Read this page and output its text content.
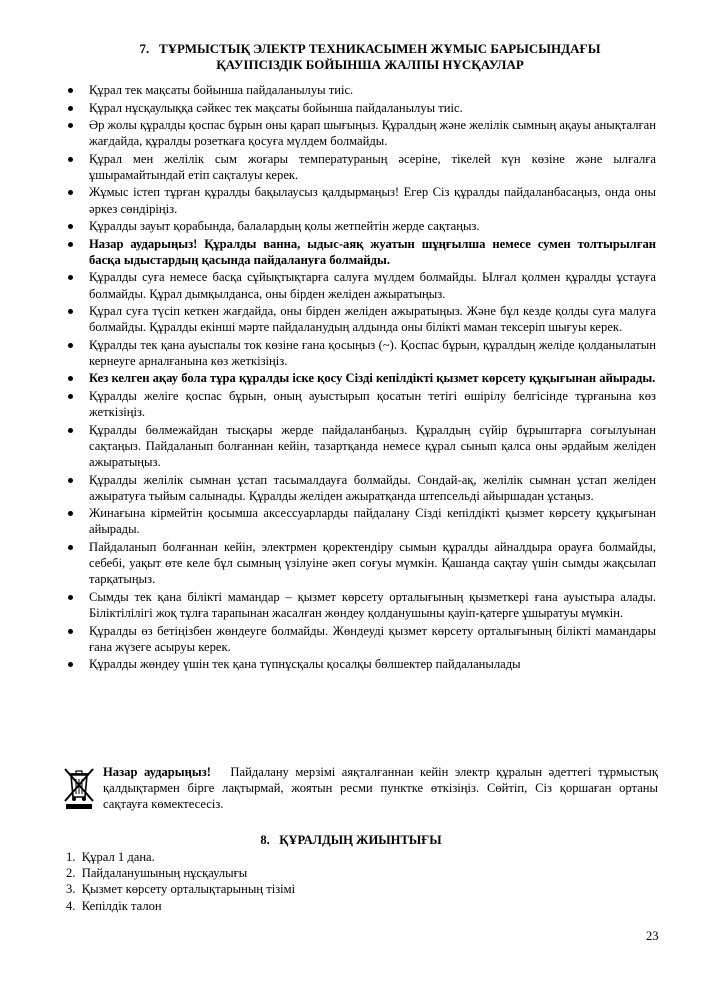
7. ТҰРМЫСТЫҚ ЭЛЕКТР ТЕХНИКАСЫМЕН ЖҰМЫС БАРЫСЫНДАҒЫ
ҚАУІПСІЗДІК БОЙЫНША ЖАЛПЫ НҰСҚАУЛАР
Құрал тек мақсаты бойынша пайдаланылуы тиіс.
Құрал нұсқаулыққа сәйкес тек мақсаты бойынша пайдаланылуы тиіс.
Әр жолы құралды қоспас бұрын оны қарап шығыңыз. Құралдың және желілік сымның ақауы анықталған жағдайда, құралды розеткаға қосуға мүлдем болмайды.
Құрал мен желілік сым жоғары температураның әсеріне, тікелей күн көзіне және ылғалға ұшырамайтындай етіп сақталуы керек.
Жұмыс істеп тұрған құралды бақылаусыз қалдырмаңыз! Егер Сіз құралды пайдаланбасаңыз, онда оны әркез сөндіріңіз.
Құралды зауыт қорабында, балалардың қолы жетпейтін жерде сақтаңыз.
Назар аударыңыз! Құралды ванна, ыдыс-аяқ жуатын шұңғылша немесе сумен толтырылған басқа ыдыстардың қасында пайдалануға болмайды.
Құралды суға немесе басқа сұйықтықтарға салуға мүлдем болмайды. Ылғал қолмен құралды ұстауға болмайды. Құрал дымқылданса, оны бірден желіден ажыратыңыз.
Құрал суға түсіп кеткен жағдайда, оны бірден желіден ажыратыңыз. Және бұл кезде қолды суға малуға болмайды. Құралды екінші мәрте пайдаланудың алдында оны білікті маман тексеріп шығуы керек.
Құралды тек қана ауыспалы ток көзіне ғана қосыңыз (~). Қоспас бұрын, құралдың желіде қолданылатын кернеуге арналғанына көз жеткізіңіз.
Кез келген ақау бола тұра құралды іске қосу Сізді кепілдікті қызмет көрсету құқығынан айырады.
Құралды желіге қоспас бұрын, оның ауыстырып қосатын тетігі өшірілу белгісінде тұрғанына көз жеткізіңіз.
Құралды бөлмежайдан тысқары жерде пайдаланбаңыз. Құралдың сүйір бұрыштарға соғылуынан сақтаңыз. Пайдаланып болғаннан кейін, тазартқанда немесе құрал сынып қалса оны әрдайым желіден ажыратыңыз.
Құралды желілік сымнан ұстап тасымалдауға болмайды. Сондай-ақ, желілік сымнан ұстап желіден ажыратуға тыйым салынады. Құралды желіден ажыратқанда штепсельді айыршадан ұстаңыз.
Жинағына кірмейтін қосымша аксессуарларды пайдалану Сізді кепілдікті қызмет көрсету құқығынан айырады.
Пайдаланып болғаннан кейін, электрмен қоректендіру сымын құралды айналдыра орауға болмайды, себебі, уақыт өте келе бұл сымның үзілуіне әкеп соғуы мүмкін. Қашанда сақтау үшін сымды жақсылап тарқатыңыз.
Сымды тек қана білікті мамандар – қызмет көрсету орталығының қызметкері ғана ауыстыра алады. Біліктілілігі жоқ тұлға тарапынан жасалған жөндеу қолданушыны қауіп-қатерге ұшыратуы мүмкін.
Құралды өз бетіңізбен жөндеуге болмайды. Жөндеуді қызмет көрсету орталығының білікті мамандары ғана жүзеге асыруы керек.
Құралды жөндеу үшін тек қана түпнұсқалы қосалқы бөлшектер пайдаланылады
Назар аударыңыз! Пайдалану мерзімі аяқталғаннан кейін электр құралын әдеттегі тұрмыстық қалдықтармен бірге лақтырмай, жоятын ресми пунктке өткізіңіз. Сөйтіп, Сіз қоршаған ортаны сақтауға көмектесесіз.
8. ҚҰРАЛДЫҢ ЖИЫНТЫҒЫ
1. Құрал 1 дана.
2. Пайдаланушының нұсқаулығы
3. Қызмет көрсету орталықтарының тізімі
4. Кепілдік талон
23
